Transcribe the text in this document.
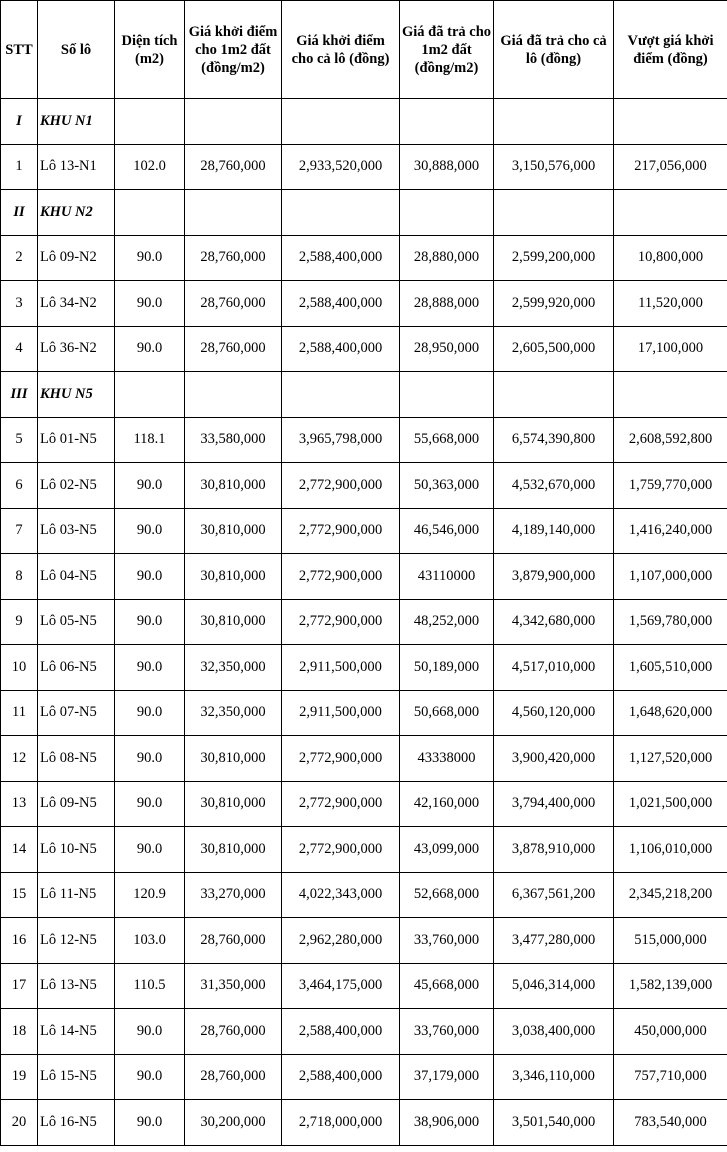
STT	Số lô	Diện tích (m2)	Giá khởi điểm cho 1m2 đất (đồng/m2)	Giá khởi điểm cho cả lô (đồng)	Giá đã trả cho 1m2 đất (đồng/m2)	Giá đã trả cho cả lô (đồng)	Vượt giá khởi điểm (đồng)
I	KHU N1						
1	Lô 13-N1	102.0	28,760,000	2,933,520,000	30,888,000	3,150,576,000	217,056,000
II	KHU N2						
2	Lô 09-N2	90.0	28,760,000	2,588,400,000	28,880,000	2,599,200,000	10,800,000
3	Lô 34-N2	90.0	28,760,000	2,588,400,000	28,888,000	2,599,920,000	11,520,000
4	Lô 36-N2	90.0	28,760,000	2,588,400,000	28,950,000	2,605,500,000	17,100,000
III	KHU N5						
5	Lô 01-N5	118.1	33,580,000	3,965,798,000	55,668,000	6,574,390,800	2,608,592,800
6	Lô 02-N5	90.0	30,810,000	2,772,900,000	50,363,000	4,532,670,000	1,759,770,000
7	Lô 03-N5	90.0	30,810,000	2,772,900,000	46,546,000	4,189,140,000	1,416,240,000
8	Lô 04-N5	90.0	30,810,000	2,772,900,000	43110000	3,879,900,000	1,107,000,000
9	Lô 05-N5	90.0	30,810,000	2,772,900,000	48,252,000	4,342,680,000	1,569,780,000
10	Lô 06-N5	90.0	32,350,000	2,911,500,000	50,189,000	4,517,010,000	1,605,510,000
11	Lô 07-N5	90.0	32,350,000	2,911,500,000	50,668,000	4,560,120,000	1,648,620,000
12	Lô 08-N5	90.0	30,810,000	2,772,900,000	43338000	3,900,420,000	1,127,520,000
13	Lô 09-N5	90.0	30,810,000	2,772,900,000	42,160,000	3,794,400,000	1,021,500,000
14	Lô 10-N5	90.0	30,810,000	2,772,900,000	43,099,000	3,878,910,000	1,106,010,000
15	Lô 11-N5	120.9	33,270,000	4,022,343,000	52,668,000	6,367,561,200	2,345,218,200
16	Lô 12-N5	103.0	28,760,000	2,962,280,000	33,760,000	3,477,280,000	515,000,000
17	Lô 13-N5	110.5	31,350,000	3,464,175,000	45,668,000	5,046,314,000	1,582,139,000
18	Lô 14-N5	90.0	28,760,000	2,588,400,000	33,760,000	3,038,400,000	450,000,000
19	Lô 15-N5	90.0	28,760,000	2,588,400,000	37,179,000	3,346,110,000	757,710,000
20	Lô 16-N5	90.0	30,200,000	2,718,000,000	38,906,000	3,501,540,000	783,540,000
